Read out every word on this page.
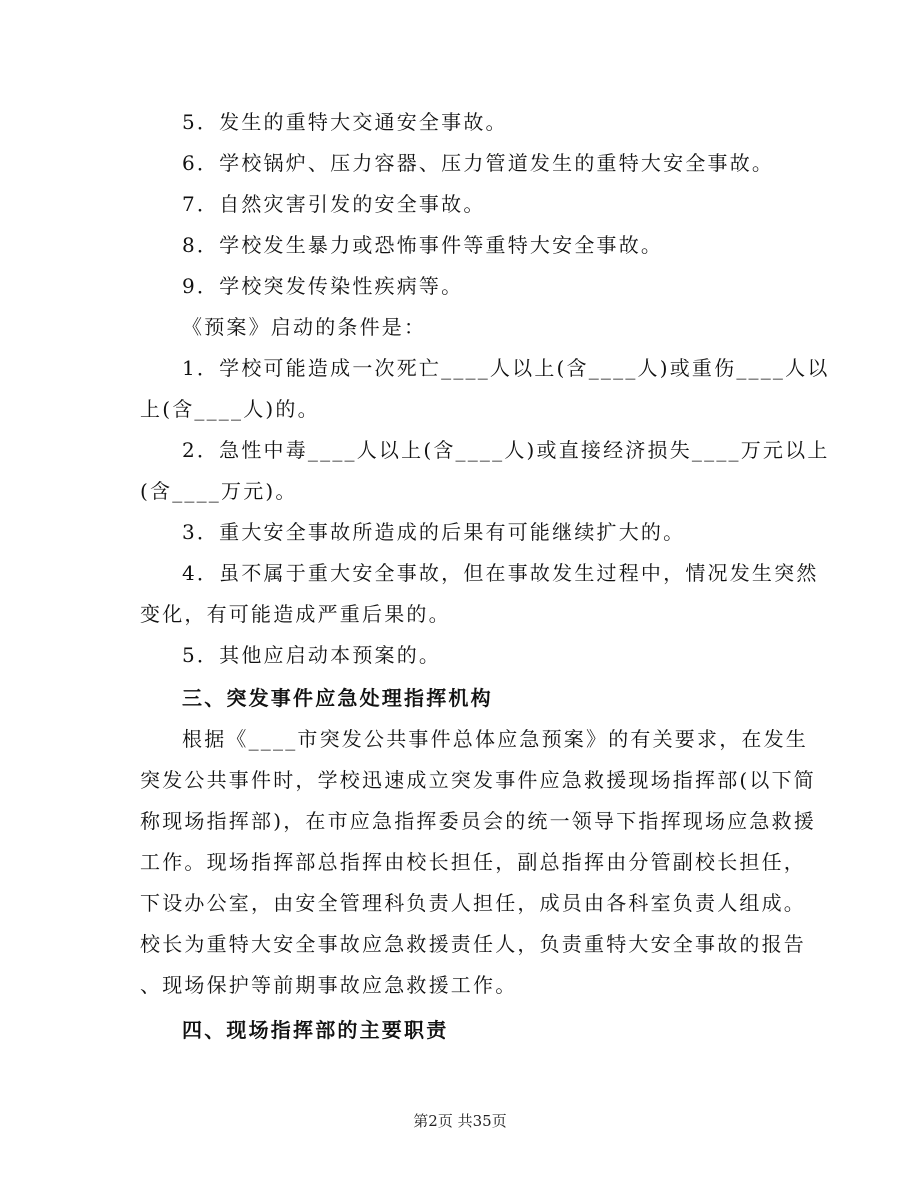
5．发生的重特大交通安全事故。

6．学校锅炉、压力容器、压力管道发生的重特大安全事故。

7．自然灾害引发的安全事故。

8．学校发生暴力或恐怖事件等重特大安全事故。

9．学校突发传染性疾病等。

《预案》启动的条件是：

1．学校可能造成一次死亡____人以上(含____人)或重伤____人以

上(含____人)的。

2．急性中毒____人以上(含____人)或直接经济损失____万元以上

(含____万元)。

3．重大安全事故所造成的后果有可能继续扩大的。

4．虽不属于重大安全事故，但在事故发生过程中，情况发生突然

变化，有可能造成严重后果的。

5．其他应启动本预案的。

三、突发事件应急处理指挥机构

根据《____市突发公共事件总体应急预案》的有关要求，在发生

突发公共事件时，学校迅速成立突发事件应急救援现场指挥部(以下简

称现场指挥部)，在市应急指挥委员会的统一领导下指挥现场应急救援

工作。现场指挥部总指挥由校长担任，副总指挥由分管副校长担任，

下设办公室，由安全管理科负责人担任，成员由各科室负责人组成。

校长为重特大安全事故应急救援责任人，负责重特大安全事故的报告

、现场保护等前期事故应急救援工作。

四、现场指挥部的主要职责

第2页 共35页
